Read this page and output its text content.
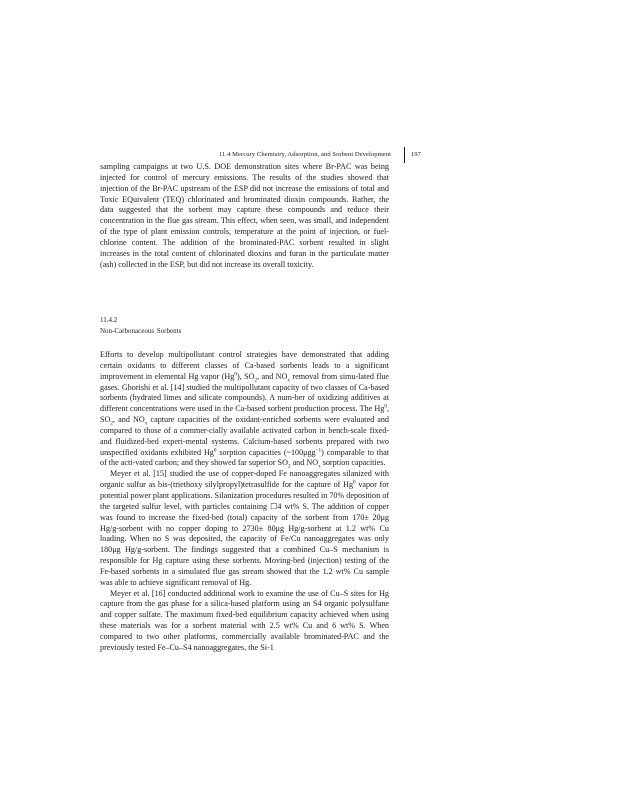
11.4 Mercury Chemistry, Adsorption, and Sorbent Development	197

sampling campaigns at two U.S. DOE demonstration sites where Br-PAC was being injected for control of mercury emissions. The results of the studies showed that injection of the Br-PAC upstream of the ESP did not increase the emissions of total and Toxic EQuivalent (TEQ) chlorinated and brominated dioxin compounds. Rather, the data suggested that the sorbent may capture these compounds and reduce their concentration in the flue gas stream. This effect, when seen, was small, and independent of the type of plant emission controls, temperature at the point of injection, or fuel-chlorine content. The addition of the brominated-PAC sorbent resulted in slight increases in the total content of chlorinated dioxins and furan in the particulate matter (ash) collected in the ESP, but did not increase its overall toxicity.

11.4.2
Non-Carbonaceous Sorbents

Efforts to develop multipollutant control strategies have demonstrated that adding certain oxidants to different classes of Ca-based sorbents leads to a significant improvement in elemental Hg vapor (Hg$^0$), $SO_2$, and $NO_x$ removal from simu-lated flue gases. Ghorishi et al. [14] studied the multipollutant capacity of two classes of Ca-based sorbents (hydrated limes and silicate compounds). A num-ber of oxidizing additives at different concentrations were used in the Ca-based sorbent production process. The Hg$^0$, $SO_2$, and $NO_x$ capture capacities of the oxidant-enriched sorbents were evaluated and compared to those of a commer-cially available activated carbon in bench-scale fixed- and fluidized-bed experi-mental systems. Calcium-based sorbents prepared with two unspecified oxidants exhibited Hg$^0$ sorption capacities (~100μgg$^{-1}$) comparable to that of the acti-vated carbon; and they showed far superior $SO_2$ and $NO_x$ sorption capacities.

Meyer et al. [15] studied the use of copper-doped Fe nanoaggregates silanized with organic sulfur as bis-(triethoxy silylpropyl)tetrasulfide for the capture of Hg$^0$ vapor for potential power plant applications. Silanization procedures resulted in 70% deposition of the targeted sulfur level, with particles containing ☐4 wt% S. The addition of copper was found to increase the fixed-bed (total) capacity of the sorbent from 170± 20μg Hg/g-sorbent with no copper doping to 2730± 80μg Hg/g-sorbent at 1.2 wt% Cu loading. When no S was deposited, the capacity of Fe/Cu nanoaggregates was only 180μg Hg/g-sorbent. The findings suggested that a combined Cu–S mechanism is responsible for Hg capture using these sorbents. Moving-bed (injection) testing of the Fe-based sorbents in a simulated flue gas stream showed that the 1.2 wt% Cu sample was able to achieve significant removal of Hg.

Meyer et al. [16] conducted additional work to examine the use of Cu–S sites for Hg capture from the gas phase for a silica-based platform using an S4 organic polysulfane and copper sulfate. The maximum fixed-bed equilibrium capacity achieved when using these materials was for a sorbent material with 2.5 wt% Cu and 6 wt% S. When compared to two other platforms, commercially available brominated-PAC and the previously tested Fe–Cu–S4 nanoaggregates, the Si-1
